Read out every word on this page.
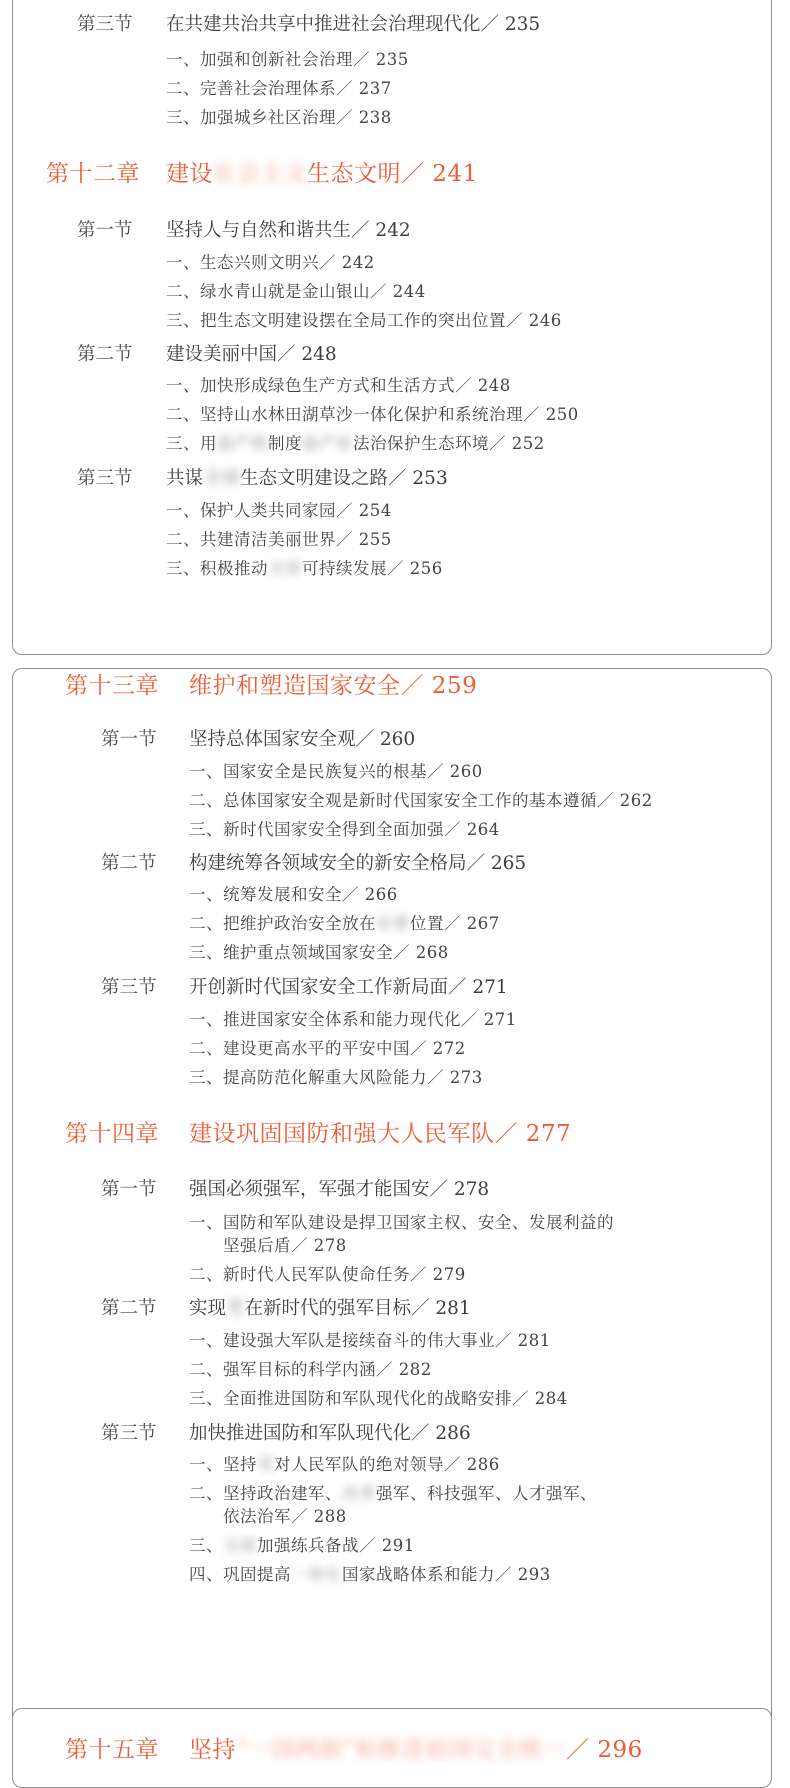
第三节 在共建共治共享中推进社会治理现代化／ 235
一、加强和创新社会治理／ 235
二、完善社会治理体系／ 237
三、加强城乡社区治理／ 238
第十二章 建设社会主义生态文明／ 241
第一节 坚持人与自然和谐共生／ 242
一、生态兴则文明兴／ 242
二、绿水青山就是金山银山／ 244
三、把生态文明建设摆在全局工作的突出位置／ 246
第二节 建设美丽中国／ 248
一、加快形成绿色生产方式和生活方式／ 248
二、坚持山水林田湖草沙一体化保护和系统治理／ 250
三、用最严格制度最严密法治保护生态环境／ 252
第三节 共谋全球生态文明建设之路／ 253
一、保护人类共同家园／ 254
二、共建清洁美丽世界／ 255
三、积极推动全球可持续发展／ 256
第十三章 维护和塑造国家安全／ 259
第一节 坚持总体国家安全观／ 260
一、国家安全是民族复兴的根基／ 260
二、总体国家安全观是新时代国家安全工作的基本遵循／ 262
三、新时代国家安全得到全面加强／ 264
第二节 构建统筹各领域安全的新安全格局／ 265
一、统筹发展和安全／ 266
二、把维护政治安全放在首要位置／ 267
三、维护重点领域国家安全／ 268
第三节 开创新时代国家安全工作新局面／ 271
一、推进国家安全体系和能力现代化／ 271
二、建设更高水平的平安中国／ 272
三、提高防范化解重大风险能力／ 273
第十四章 建设巩固国防和强大人民军队／ 277
第一节 强国必须强军，军强才能国安／ 278
一、国防和军队建设是捍卫国家主权、安全、发展利益的
坚强后盾／ 278
二、新时代人民军队使命任务／ 279
第二节 实现党在新时代的强军目标／ 281
一、建设强大军队是接续奋斗的伟大事业／ 281
二、强军目标的科学内涵／ 282
三、全面推进国防和军队现代化的战略安排／ 284
第三节 加快推进国防和军队现代化／ 286
一、坚持党对人民军队的绝对领导／ 286
二、坚持政治建军、改革强军、科技强军、人才强军、
依法治军／ 288
三、全面加强练兵备战／ 291
四、巩固提高一体化国家战略体系和能力／ 293
第十五章 坚持“一国两制”和推进祖国完全统一／ 296
